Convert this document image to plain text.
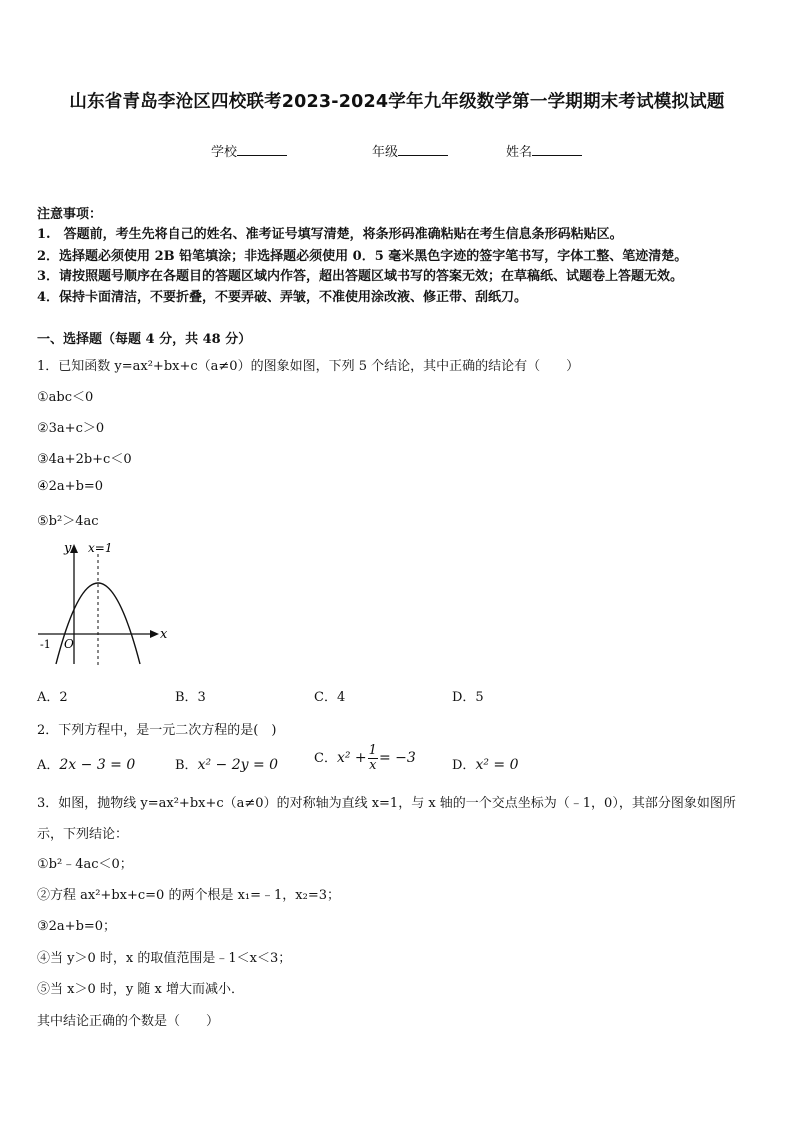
山东省青岛李沧区四校联考2023-2024学年九年级数学第一学期期末考试模拟试题
学校	年级	姓名
注意事项：
1.　答题前，考生先将自己的姓名、准考证号填写清楚，将条形码准确粘贴在考生信息条形码粘贴区。
2．选择题必须使用 2B 铅笔填涂；非选择题必须使用 0．5 毫米黑色字迹的签字笔书写，字体工整、笔迹清楚。
3．请按照题号顺序在各题目的答题区域内作答，超出答题区域书写的答案无效；在草稿纸、试题卷上答题无效。
4．保持卡面清洁，不要折叠，不要弄破、弄皱，不准使用涂改液、修正带、刮纸刀。
一、选择题（每题 4 分，共 48 分）
1．已知函数 y=ax²+bx+c（a≠0）的图象如图，下列 5 个结论，其中正确的结论有（　　）
①abc＜0
②3a+c＞0
③4a+2b+c＜0
④2a+b=0
⑤b²＞4ac
y x=1
x
O
-1
A．2	B．3	C．4	D．5
2．下列方程中，是一元二次方程的是(　)
A．2x − 3 = 0	B．x² − 2y = 0	C．$x^2 + \frac{1}{x} = -3$	D．x² = 0
3．如图，抛物线 y=ax²+bx+c（a≠0）的对称轴为直线 x=1，与 x 轴的一个交点坐标为（﹣1，0），其部分图象如图所
示，下列结论：
①b²﹣4ac＜0；
②方程 ax²+bx+c=0 的两个根是 x₁=﹣1，x₂=3；
③2a+b=0；
④当 y＞0 时，x 的取值范围是﹣1＜x＜3；
⑤当 x＞0 时，y 随 x 增大而减小．
其中结论正确的个数是（　　）
